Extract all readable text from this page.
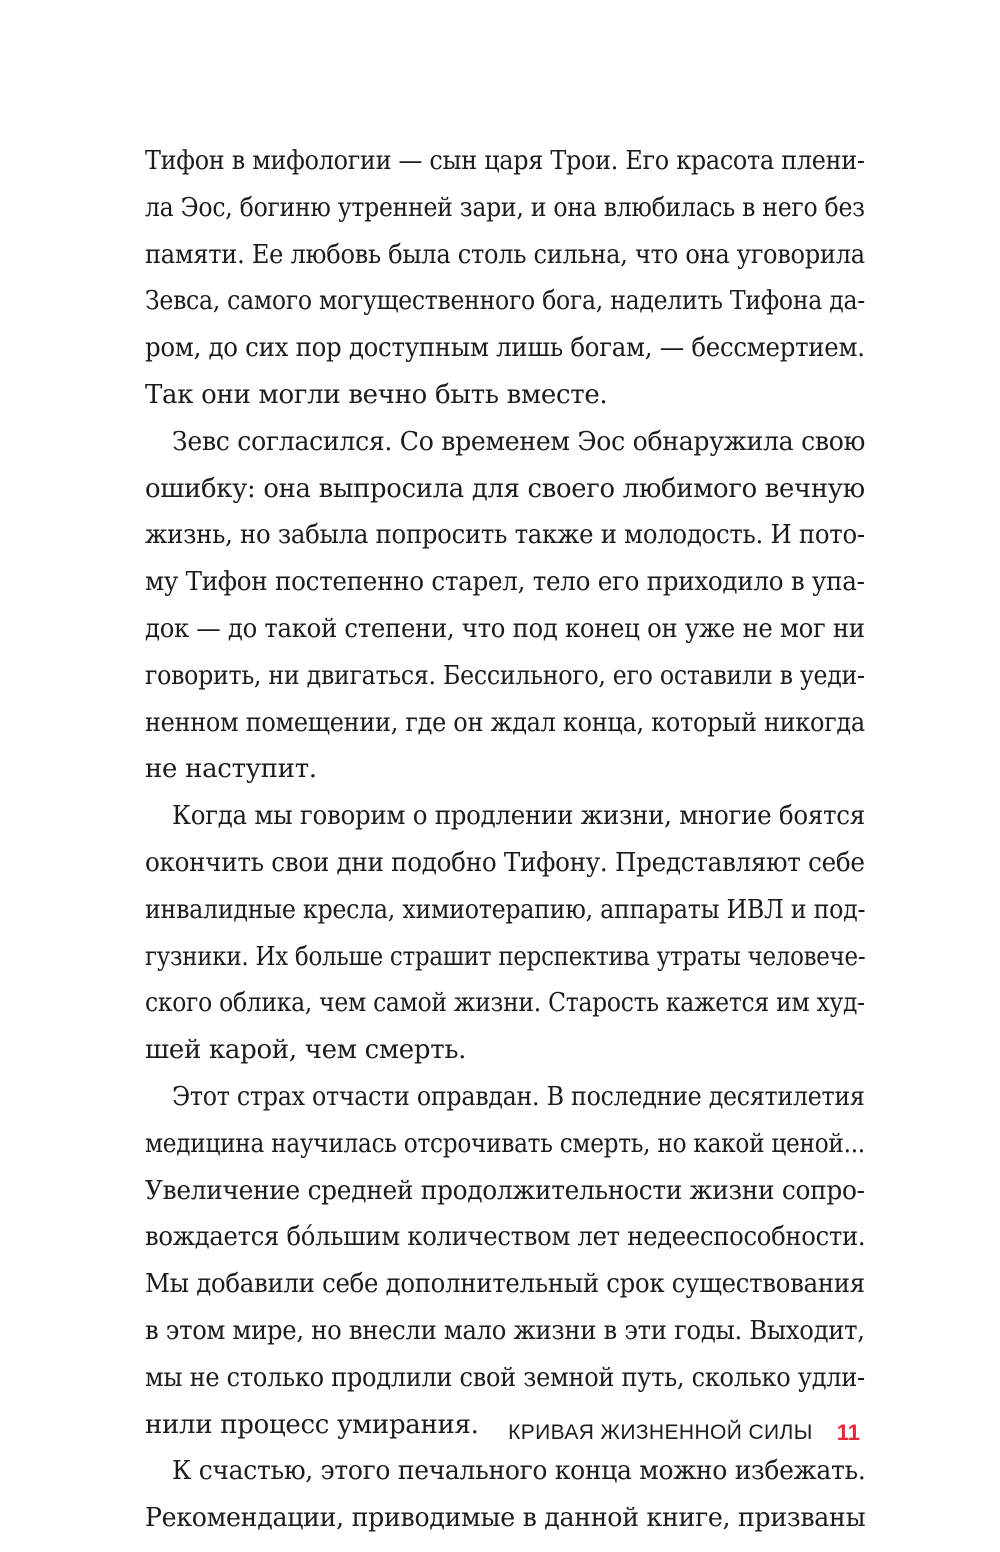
Тифон в мифологии — сын царя Трои. Его красота плени-
ла Эос, богиню утренней зари, и она влюбилась в него без
памяти. Ее любовь была столь сильна, что она уговорила
Зевса, самого могущественного бога, наделить Тифона да-
ром, до сих пор доступным лишь богам, — бессмертием.
Так они могли вечно быть вместе.

Зевс согласился. Со временем Эос обнаружила свою
ошибку: она выпросила для своего любимого вечную
жизнь, но забыла попросить также и молодость. И пото-
му Тифон постепенно старел, тело его приходило в упа-
док — до такой степени, что под конец он уже не мог ни
говорить, ни двигаться. Бессильного, его оставили в уеди-
ненном помещении, где он ждал конца, который никогда
не наступит.

Когда мы говорим о продлении жизни, многие боятся
окончить свои дни подобно Тифону. Представляют себе
инвалидные кресла, химиотерапию, аппараты ИВЛ и под-
гузники. Их больше страшит перспектива утраты человече-
ского облика, чем самой жизни. Старость кажется им худ-
шей карой, чем смерть.

Этот страх отчасти оправдан. В последние десятилетия
медицина научилась отсрочивать смерть, но какой ценой...
Увеличение средней продолжительности жизни сопро-
вождается бóльшим количеством лет недееспособности.
Мы добавили себе дополнительный срок существования
в этом мире, но внесли мало жизни в эти годы. Выходит,
мы не столько продлили свой земной путь, сколько удли-
нили процесс умирания.

К счастью, этого печального конца можно избежать.
Рекомендации, приводимые в данной книге, призваны

КРИВАЯ ЖИЗНЕННОЙ СИЛЫ 11
